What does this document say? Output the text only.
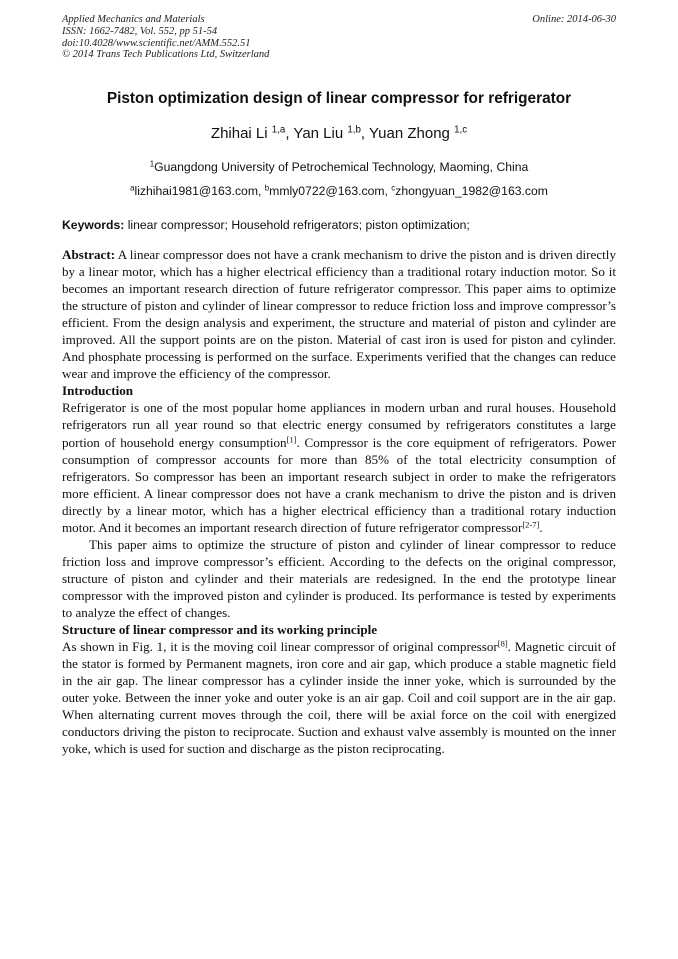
Applied Mechanics and Materials
ISSN: 1662-7482, Vol. 552, pp 51-54
doi:10.4028/www.scientific.net/AMM.552.51
© 2014 Trans Tech Publications Ltd, Switzerland
Online: 2014-06-30
Piston optimization design of linear compressor for refrigerator
Zhihai Li $^{1,a}$, Yan Liu $^{1,b}$, Yuan Zhong $^{1,c}$
$^1$Guangdong University of Petrochemical Technology, Maoming, China
$^a$lizhihai1981@163.com, $^b$mmly0722@163.com, $^c$zhongyuan_1982@163.com
Keywords: linear compressor; Household refrigerators; piston optimization;

Abstract: A linear compressor does not have a crank mechanism to drive the piston and is driven directly by a linear motor, which has a higher electrical efficiency than a traditional rotary induction motor. So it becomes an important research direction of future refrigerator compressor. This paper aims to optimize the structure of piston and cylinder of linear compressor to reduce friction loss and improve compressor’s efficient. From the design analysis and experiment, the structure and material of piston and cylinder are improved. All the support points are on the piston. Material of cast iron is used for piston and cylinder. And phosphate processing is performed on the surface. Experiments verified that the changes can reduce wear and improve the efficiency of the compressor.

Introduction

Refrigerator is one of the most popular home appliances in modern urban and rural houses. Household refrigerators run all year round so that electric energy consumed by refrigerators constitutes a large portion of household energy consumption[1]. Compressor is the core equipment of refrigerators. Power consumption of compressor accounts for more than 85% of the total electricity consumption of refrigerators. So compressor has been an important research subject in order to make the refrigerators more efficient. A linear compressor does not have a crank mechanism to drive the piston and is driven directly by a linear motor, which has a higher electrical efficiency than a traditional rotary induction motor. And it becomes an important research direction of future refrigerator compressor[2-7].

This paper aims to optimize the structure of piston and cylinder of linear compressor to reduce friction loss and improve compressor’s efficient. According to the defects on the original compressor, structure of piston and cylinder and their materials are redesigned. In the end the prototype linear compressor with the improved piston and cylinder is produced. Its performance is tested by experiments to analyze the effect of changes.

Structure of linear compressor and its working principle

As shown in Fig. 1, it is the moving coil linear compressor of original compressor[8]. Magnetic circuit of the stator is formed by Permanent magnets, iron core and air gap, which produce a stable magnetic field in the air gap. The linear compressor has a cylinder inside the inner yoke, which is surrounded by the outer yoke. Between the inner yoke and outer yoke is an air gap. Coil and coil support are in the air gap. When alternating current moves through the coil, there will be axial force on the coil with energized conductors driving the piston to reciprocate. Suction and exhaust valve assembly is mounted on the inner yoke, which is used for suction and discharge as the piston reciprocating.
